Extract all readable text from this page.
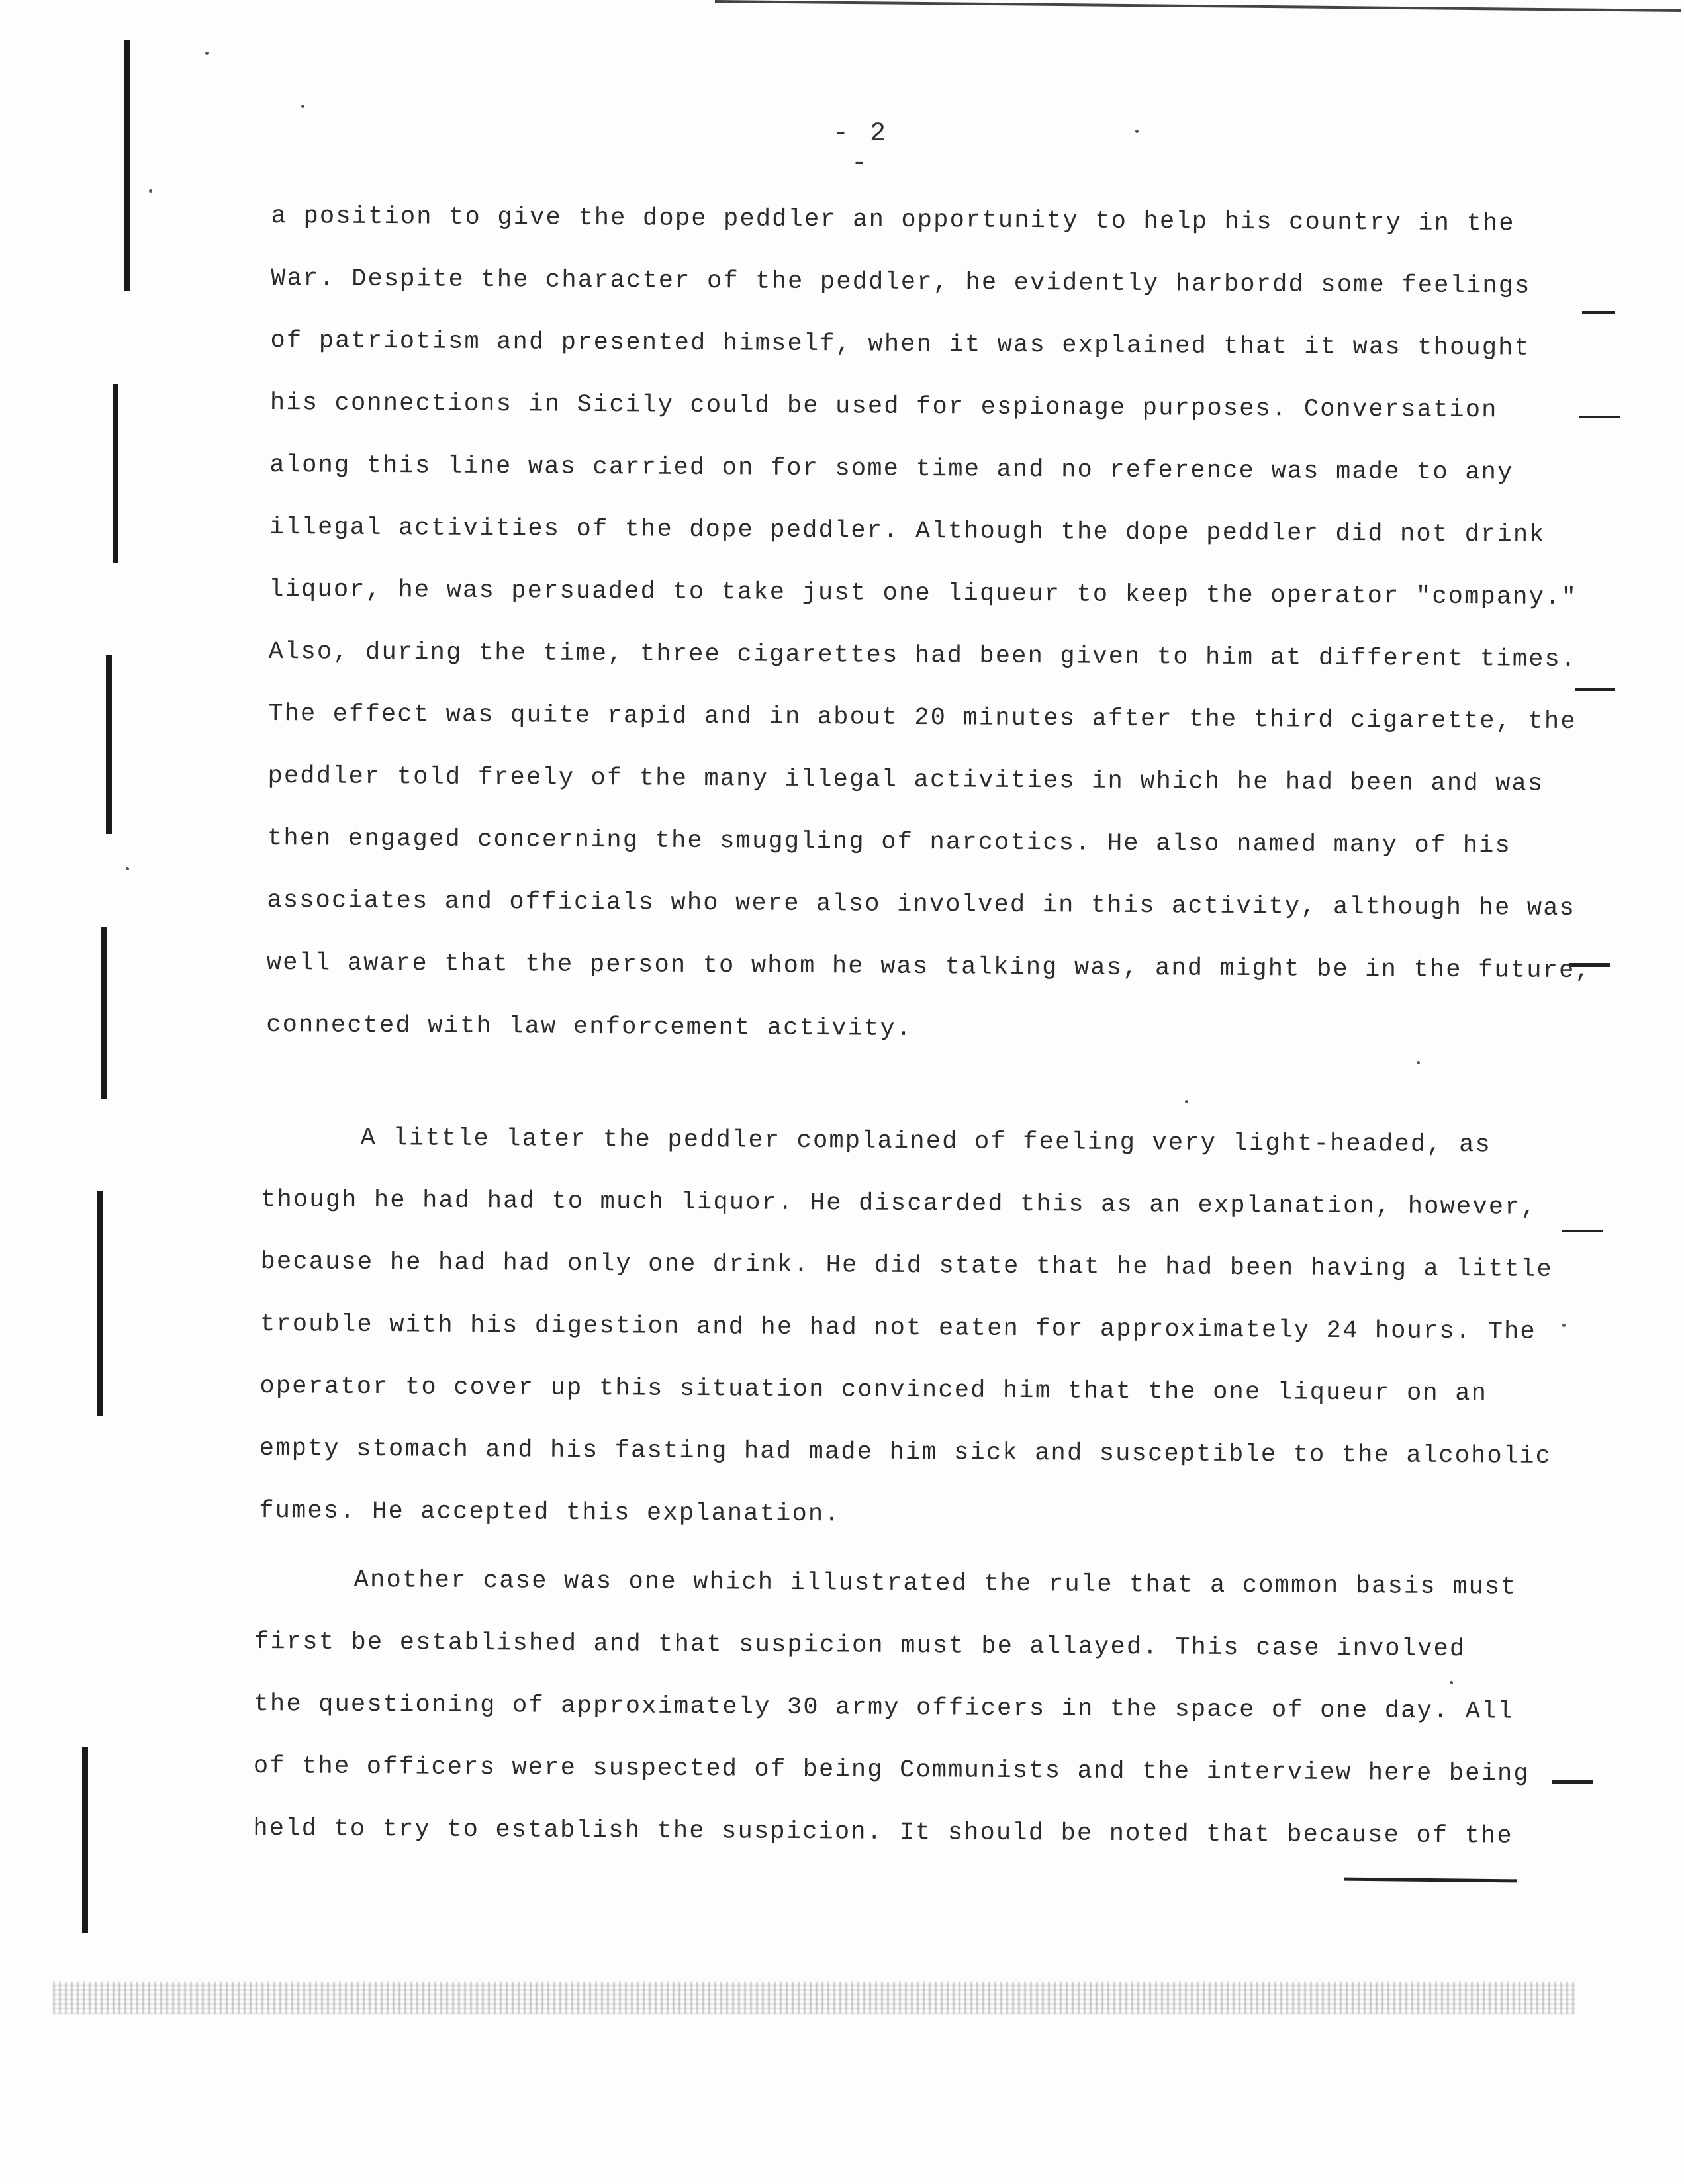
- 2 -
a position to give the dope peddler an opportunity to help his country in the
War. Despite the character of the peddler, he evidently harbordd some feelings
of patriotism and presented himself, when it was explained that it was thought
his connections in Sicily could be used for espionage purposes. Conversation
along this line was carried on for some time and no reference was made to any
illegal activities of the dope peddler. Although the dope peddler did not drink
liquor, he was persuaded to take just one liqueur to keep the operator "company."
Also, during the time, three cigarettes had been given to him at different times.
The effect was quite rapid and in about 20 minutes after the third cigarette, the
peddler told freely of the many illegal activities in which he had been and was
then engaged concerning the smuggling of narcotics. He also named many of his
associates and officials who were also involved in this activity, although he was
well aware that the person to whom he was talking was, and might be in the future,
connected with law enforcement activity.
A little later the peddler complained of feeling very light-headed, as
though he had had to much liquor. He discarded this as an explanation, however,
because he had had only one drink. He did state that he had been having a little
trouble with his digestion and he had not eaten for approximately 24 hours. The
operator to cover up this situation convinced him that the one liqueur on an
empty stomach and his fasting had made him sick and susceptible to the alcoholic
fumes. He accepted this explanation.
Another case was one which illustrated the rule that a common basis must
first be established and that suspicion must be allayed. This case involved
the questioning of approximately 30 army officers in the space of one day. All
of the officers were suspected of being Communists and the interview here being
held to try to establish the suspicion. It should be noted that because of the
